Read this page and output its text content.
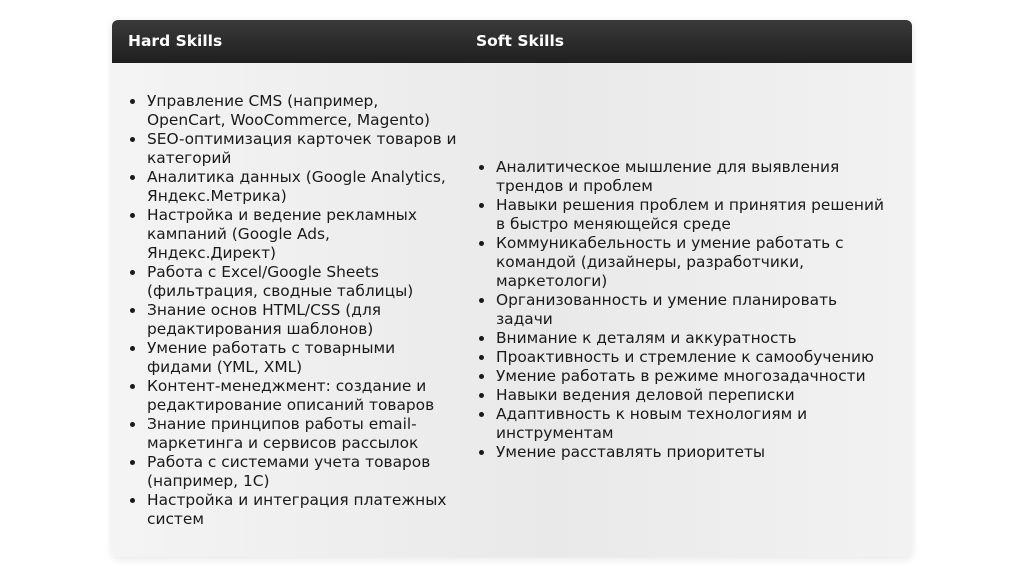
Hard Skills	Soft Skills
Управление CMS (например, OpenCart, WooCommerce, Magento)
SEO-оптимизация карточек товаров и категорий
Аналитика данных (Google Analytics, Яндекс.Метрика)
Настройка и ведение рекламных кампаний (Google Ads, Яндекс.Директ)
Работа с Excel/Google Sheets (фильтрация, сводные таблицы)
Знание основ HTML/CSS (для редактирования шаблонов)
Умение работать с товарными фидами (YML, XML)
Контент-менеджмент: создание и редактирование описаний товаров
Знание принципов работы email-маркетинга и сервисов рассылок
Работа с системами учета товаров (например, 1С)
Настройка и интеграция платежных систем
Аналитическое мышление для выявления трендов и проблем
Навыки решения проблем и принятия решений в быстро меняющейся среде
Коммуникабельность и умение работать с командой (дизайнеры, разработчики, маркетологи)
Организованность и умение планировать задачи
Внимание к деталям и аккуратность
Проактивность и стремление к самообучению
Умение работать в режиме многозадачности
Навыки ведения деловой переписки
Адаптивность к новым технологиям и инструментам
Умение расставлять приоритеты
